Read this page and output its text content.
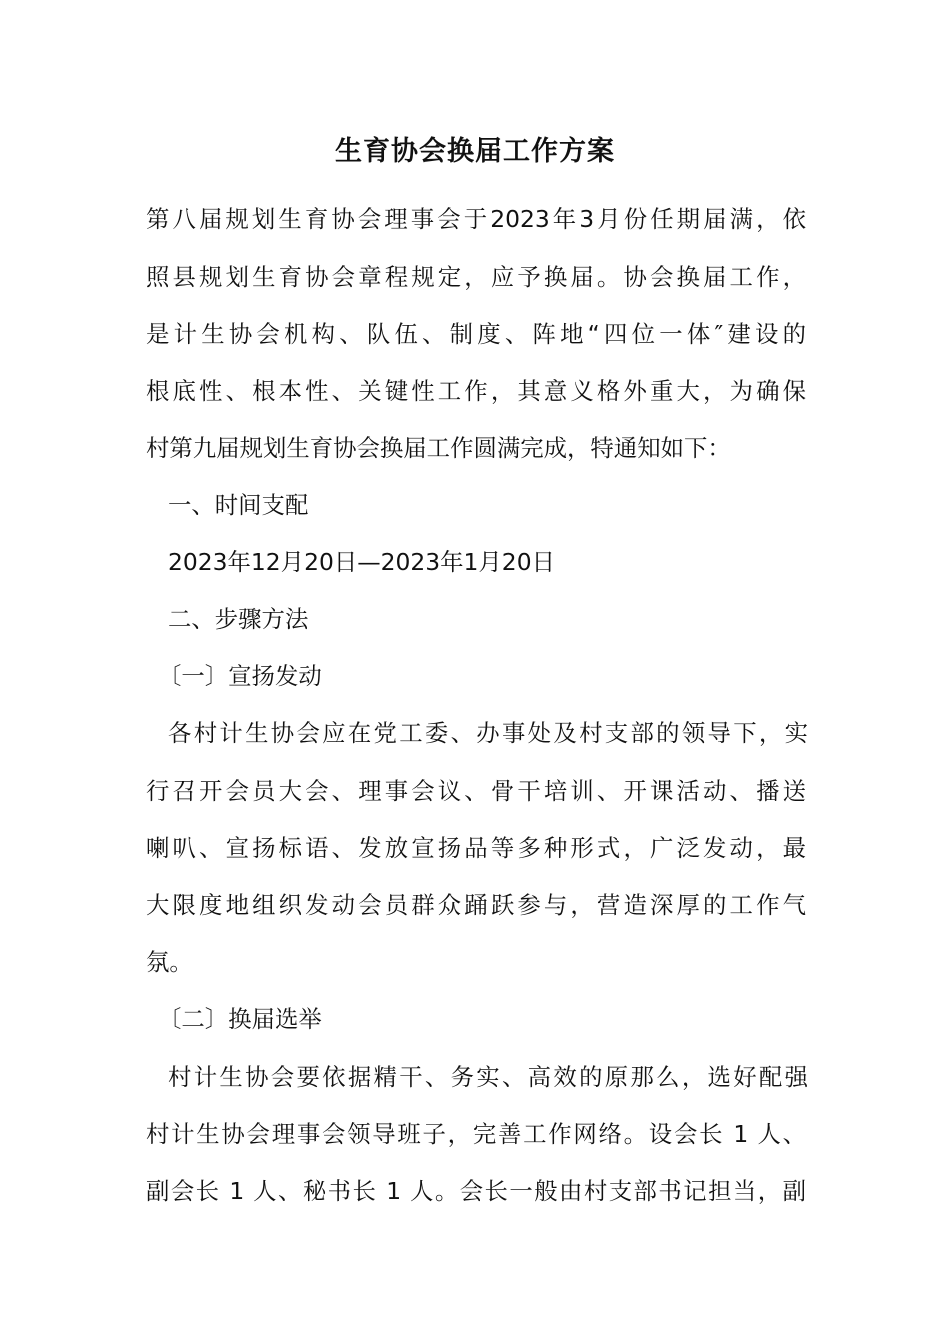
生育协会换届工作方案
第八届规划生育协会理事会于2023年3月份任期届满，依
照县规划生育协会章程规定，应予换届。协会换届工作，
是计生协会机构、队伍、制度、阵地“四位一体″建设的
根底性、根本性、关键性工作，其意义格外重大，为确保
村第九届规划生育协会换届工作圆满完成，特通知如下：
一、时间支配
2023年12月20日—2023年1月20日
二、步骤方法
〔一〕宣扬发动
各村计生协会应在党工委、办事处及村支部的领导下，实
行召开会员大会、理事会议、骨干培训、开课活动、播送
喇叭、宣扬标语、发放宣扬品等多种形式，广泛发动，最
大限度地组织发动会员群众踊跃参与，营造深厚的工作气
氛。
〔二〕换届选举
村计生协会要依据精干、务实、高效的原那么，选好配强
村计生协会理事会领导班子，完善工作网络。设会长 1 人、
副会长 1 人、秘书长 1 人。会长一般由村支部书记担当，副
